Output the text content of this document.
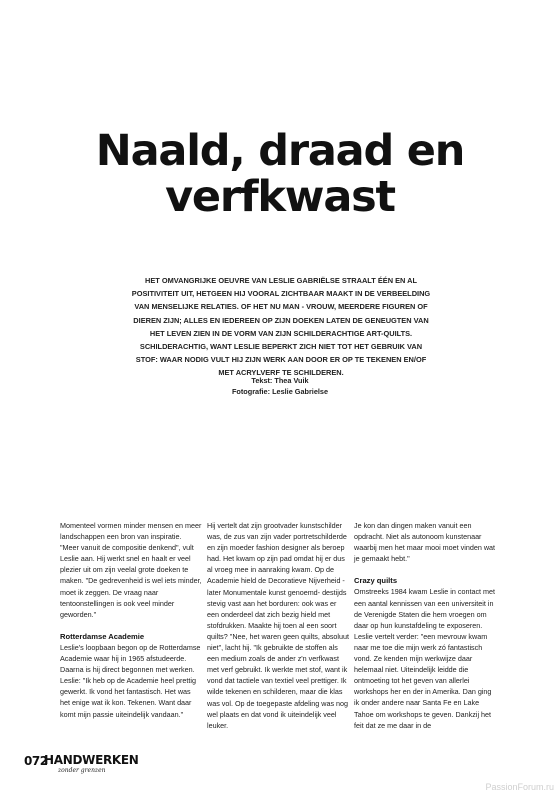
Naald, draad en
verfkwast

HET OMVANGRIJKE OEUVRE VAN LESLIE GABRIËLSE STRAALT ÉÉN EN AL POSITIVITEIT UIT, HETGEEN HIJ VOORAL ZICHTBAAR MAAKT IN DE VERBEELDING VAN MENSELIJKE RELATIES. OF HET NU MAN - VROUW, MEERDERE FIGUREN OF DIEREN ZIJN; ALLES EN IEDEREEN OP ZIJN DOEKEN LATEN DE GENEUGTEN VAN HET LEVEN ZIEN IN DE VORM VAN ZIJN SCHILDERACHTIGE ART-QUILTS. SCHILDERACHTIG, WANT LESLIE BEPERKT ZICH NIET TOT HET GEBRUIK VAN STOF: WAAR NODIG VULT HIJ ZIJN WERK AAN DOOR ER OP TE TEKENEN EN/OF MET ACRYLVERF TE SCHILDEREN.

Tekst: Thea Vuik
Fotografie: Leslie Gabrielse

Momenteel vormen minder mensen en meer landschappen een bron van inspiratie. "Meer vanuit de compositie denkend", vult Leslie aan. Hij werkt snel en haalt er veel plezier uit om zijn veelal grote doeken te maken. "De gedrevenheid is wel iets minder, moet ik zeggen. De vraag naar tentoonstellingen is ook veel minder geworden."

Rotterdamse Academie

Leslie's loopbaan begon op de Rotterdamse Academie waar hij in 1965 afstudeerde. Daarna is hij direct begonnen met werken. Leslie: "Ik heb op de Academie heel prettig gewerkt. Ik vond het fantastisch. Het was het enige wat ik kon. Tekenen. Want daar komt mijn passie uiteindelijk vandaan."

Hij vertelt dat zijn grootvader kunstschilder was, de zus van zijn vader portretschilderde en zijn moeder fashion designer als beroep had. Het kwam op zijn pad omdat hij er dus al vroeg mee in aanraking kwam. Op de Academie hield de Decoratieve Nijverheid -later Monumentale kunst genoemd- destijds stevig vast aan het borduren: ook was er een onderdeel dat zich bezig hield met stofdrukken. Maakte hij toen al een soort quilts? "Nee, het waren geen quilts, absoluut niet", lacht hij. "Ik gebruikte de stoffen als een medium zoals de ander z'n verfkwast met verf gebruikt. Ik werkte met stof, want ik vond dat tactiele van textiel veel prettiger. Ik wilde tekenen en schilderen, maar die klas was vol. Op de toegepaste afdeling was nog wel plaats en dat vond ik uiteindelijk veel leuker.

Je kon dan dingen maken vanuit een opdracht. Niet als autonoom kunstenaar waarbij men het maar mooi moet vinden wat je gemaakt hebt."

Crazy quilts

Omstreeks 1984 kwam Leslie in contact met een aantal kennissen van een universiteit in de Verenigde Staten die hem vroegen om daar op hun kunstafdeling te exposeren. Leslie vertelt verder: "een mevrouw kwam naar me toe die mijn werk zó fantastisch vond. Ze kenden mijn werkwijze daar helemaal niet. Uiteindelijk leidde die ontmoeting tot het geven van allerlei workshops her en der in Amerika. Dan ging ik onder andere naar Santa Fe en Lake Tahoe om workshops te geven. Dankzij het feit dat ze me daar in de

072
HANDWERKEN
zonder grenzen
PassionForum.ru
